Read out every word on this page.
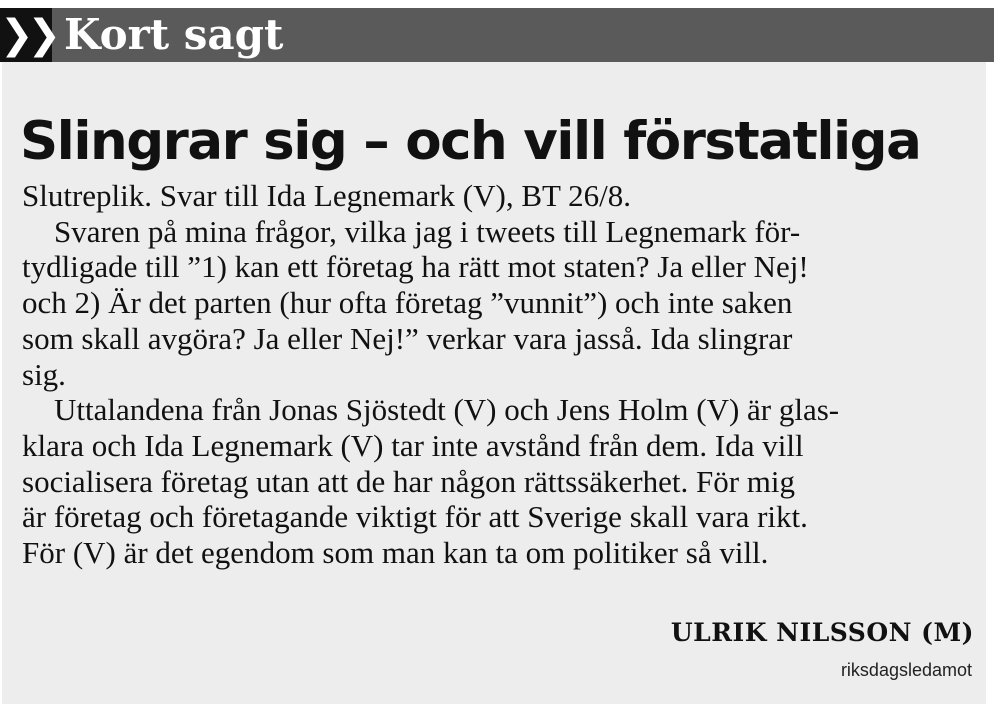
❯❯ Kort sagt
Slingrar sig – och vill förstatliga
Slutreplik. Svar till Ida Legnemark (V), BT 26/8.
Svaren på mina frågor, vilka jag i tweets till Legnemark för-
tydligade till ”1) kan ett företag ha rätt mot staten? Ja eller Nej!
och 2) Är det parten (hur ofta företag ”vunnit”) och inte saken
som skall avgöra? Ja eller Nej!” verkar vara jasså. Ida slingrar
sig.
Uttalandena från Jonas Sjöstedt (V) och Jens Holm (V) är glas-
klara och Ida Legnemark (V) tar inte avstånd från dem. Ida vill
socialisera företag utan att de har någon rättssäkerhet. För mig
är företag och företagande viktigt för att Sverige skall vara rikt.
För (V) är det egendom som man kan ta om politiker så vill.
ULRIK NILSSON (M)
riksdagsledamot
